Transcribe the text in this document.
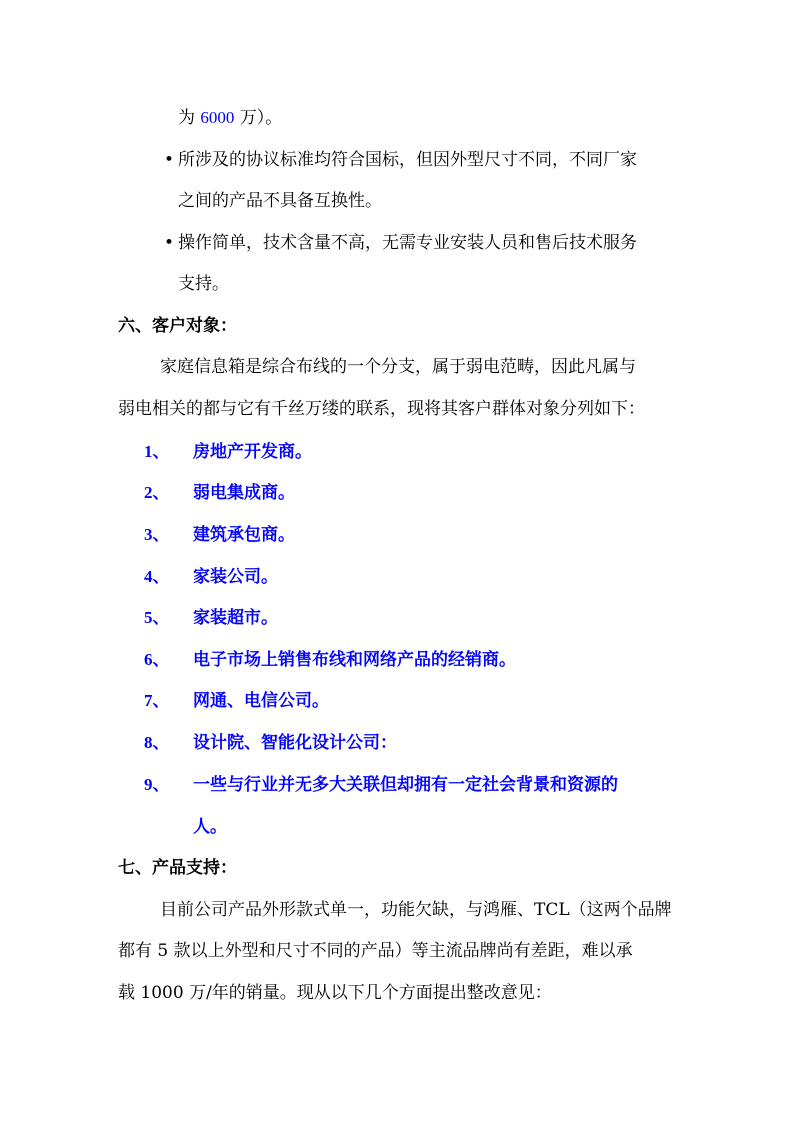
为 6000 万）。
• 所涉及的协议标准均符合国标，但因外型尺寸不同，不同厂家
之间的产品不具备互换性。
• 操作简单，技术含量不高，无需专业安装人员和售后技术服务
支持。
六、客户对象：
家庭信息箱是综合布线的一个分支，属于弱电范畴，因此凡属与
弱电相关的都与它有千丝万缕的联系，现将其客户群体对象分列如下：
1、 房地产开发商。
2、 弱电集成商。
3、 建筑承包商。
4、 家装公司。
5、 家装超市。
6、 电子市场上销售布线和网络产品的经销商。
7、 网通、电信公司。
8、 设计院、智能化设计公司：
9、 一些与行业并无多大关联但却拥有一定社会背景和资源的
人。
七、产品支持：
目前公司产品外形款式单一，功能欠缺，与鸿雁、TCL（这两个品牌
都有 5 款以上外型和尺寸不同的产品）等主流品牌尚有差距，难以承
载 1000 万/年的销量。现从以下几个方面提出整改意见：
